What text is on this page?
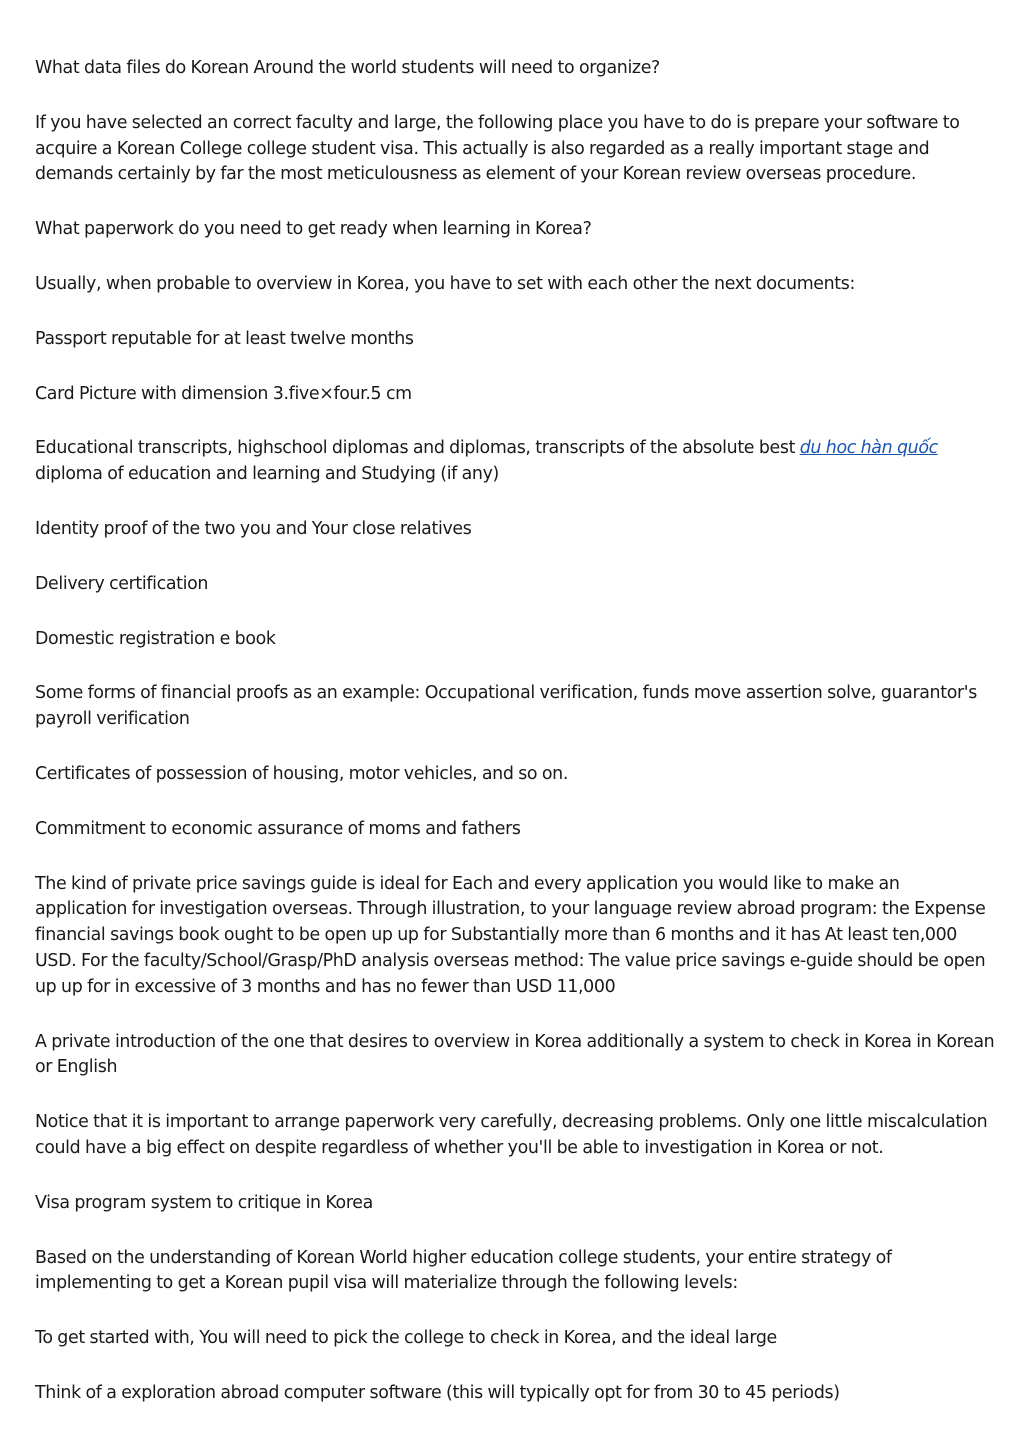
What data files do Korean Around the world students will need to organize?

If you have selected an correct faculty and large, the following place you have to do is prepare your software to acquire a Korean College college student visa. This actually is also regarded as a really important stage and demands certainly by far the most meticulousness as element of your Korean review overseas procedure.

What paperwork do you need to get ready when learning in Korea?

Usually, when probable to overview in Korea, you have to set with each other the next documents:

Passport reputable for at least twelve months

Card Picture with dimension 3.five×four.5 cm

Educational transcripts, highschool diplomas and diplomas, transcripts of the absolute best du hoc hàn quốc diploma of education and learning and Studying (if any)

Identity proof of the two you and Your close relatives

Delivery certification

Domestic registration e book

Some forms of financial proofs as an example: Occupational verification, funds move assertion solve, guarantor's payroll verification

Certificates of possession of housing, motor vehicles, and so on.

Commitment to economic assurance of moms and fathers

The kind of private price savings guide is ideal for Each and every application you would like to make an application for investigation overseas. Through illustration, to your language review abroad program: the Expense financial savings book ought to be open up up for Substantially more than 6 months and it has At least ten,000 USD. For the faculty/School/Grasp/PhD analysis overseas method: The value price savings e-guide should be open up up for in excessive of 3 months and has no fewer than USD 11,000

A private introduction of the one that desires to overview in Korea additionally a system to check in Korea in Korean or English

Notice that it is important to arrange paperwork very carefully, decreasing problems. Only one little miscalculation could have a big effect on despite regardless of whether you'll be able to investigation in Korea or not.

Visa program system to critique in Korea

Based on the understanding of Korean World higher education college students, your entire strategy of implementing to get a Korean pupil visa will materialize through the following levels:

To get started with, You will need to pick the college to check in Korea, and the ideal large

Think of a exploration abroad computer software (this will typically opt for from 30 to 45 periods)
